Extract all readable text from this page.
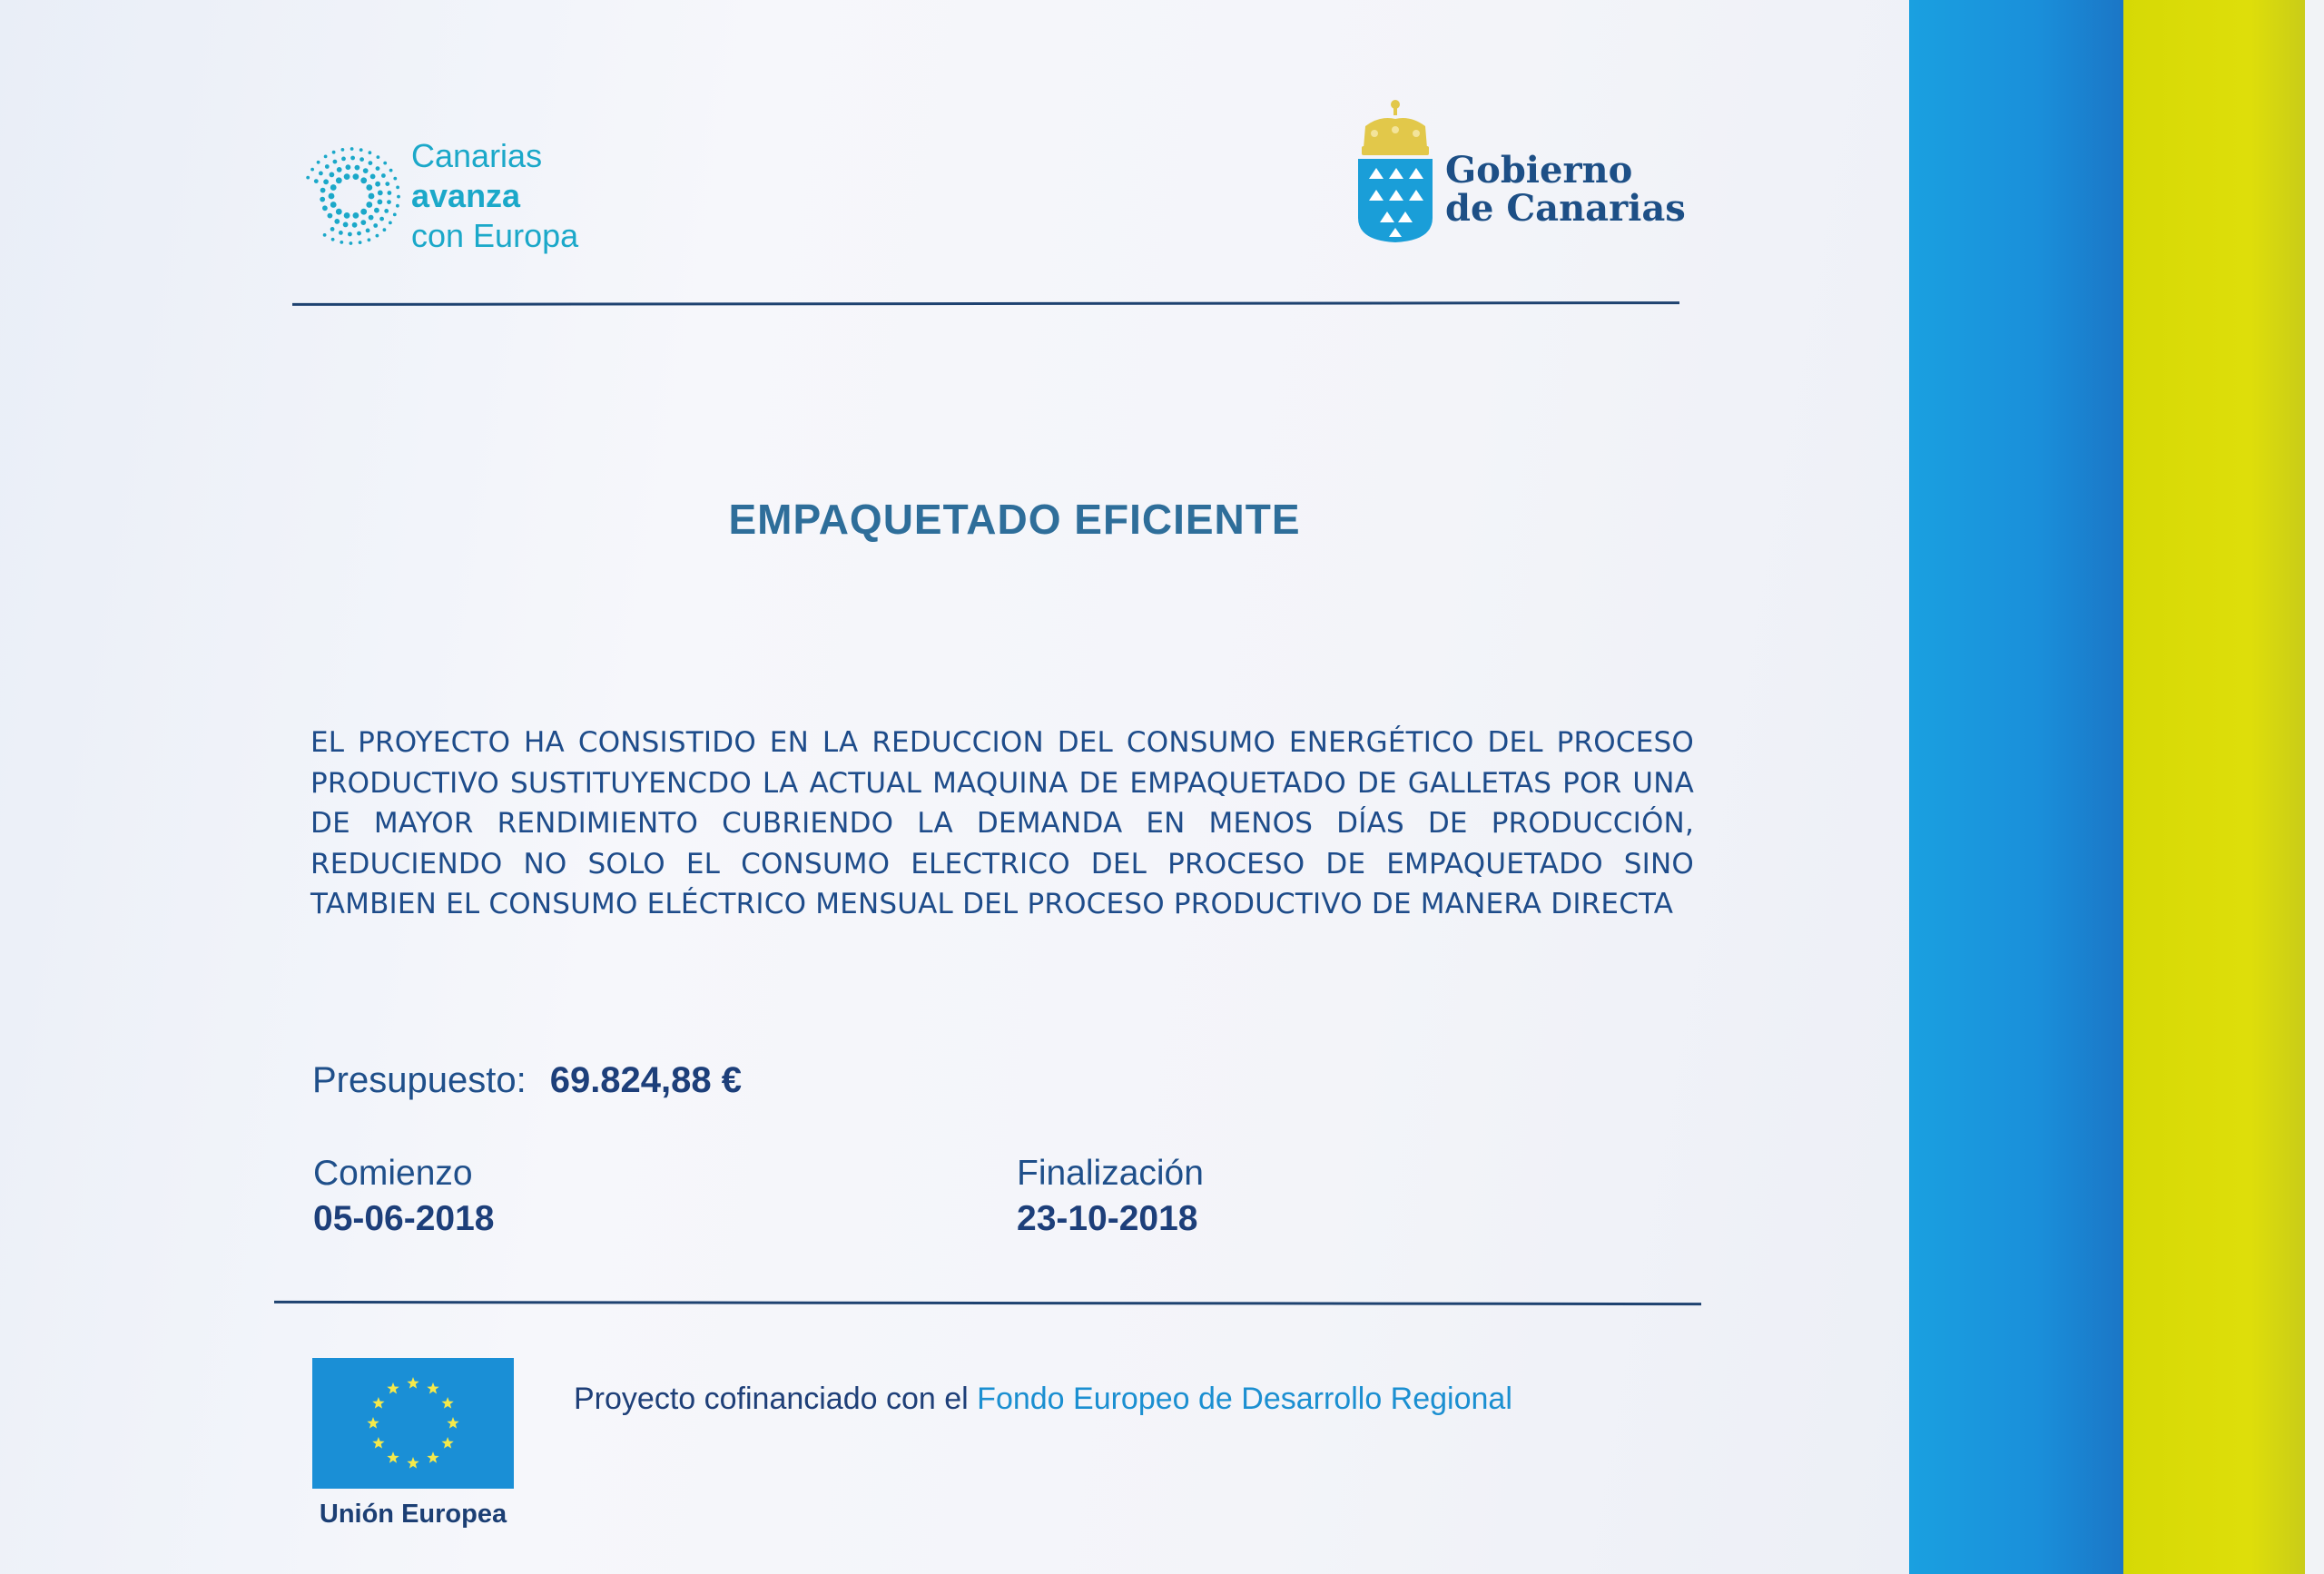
Canarias
avanza
con Europa
Gobierno
de Canarias
EMPAQUETADO EFICIENTE
EL PROYECTO HA CONSISTIDO EN LA REDUCCION DEL CONSUMO ENERGÉTICO DEL PROCESO PRODUCTIVO SUSTITUYENCDO LA ACTUAL MAQUINA DE EMPAQUETADO DE GALLETAS POR UNA DE MAYOR RENDIMIENTO CUBRIENDO LA DEMANDA EN MENOS DÍAS DE PRODUCCIÓN, REDUCIENDO NO SOLO EL CONSUMO ELECTRICO DEL PROCESO DE EMPAQUETADO SINO TAMBIEN EL CONSUMO ELÉCTRICO MENSUAL DEL PROCESO PRODUCTIVO DE MANERA DIRECTA
Presupuesto: 69.824,88 €
Comienzo
05-06-2018
Finalización
23-10-2018
Unión Europea
Proyecto cofinanciado con el Fondo Europeo de Desarrollo Regional
